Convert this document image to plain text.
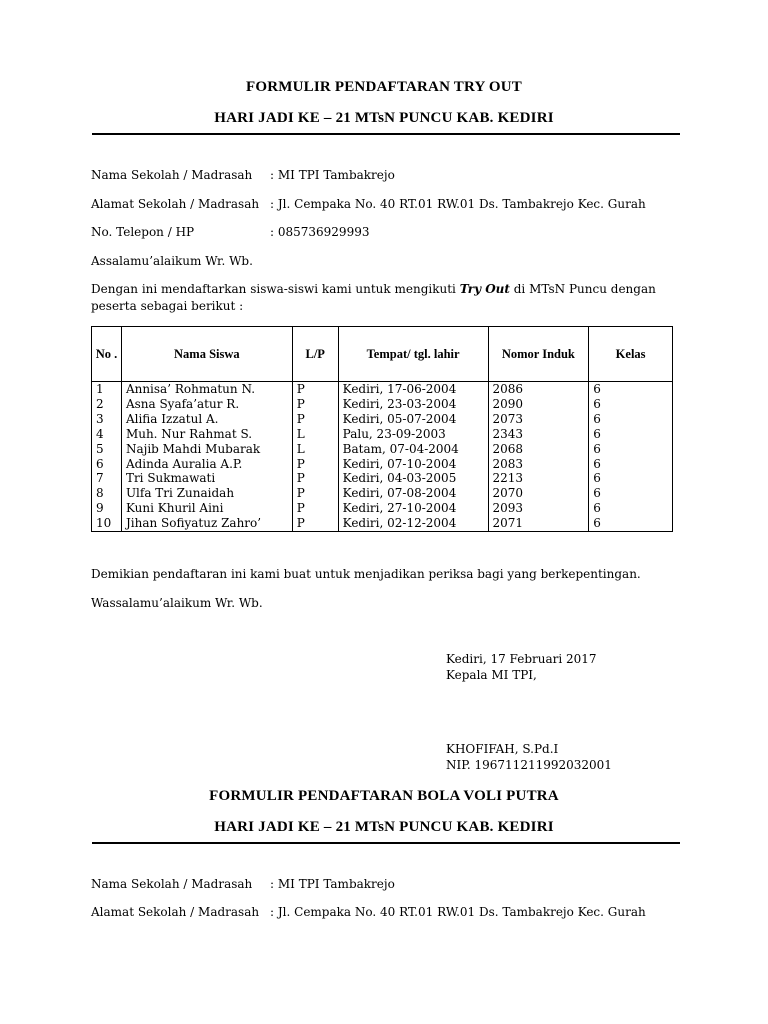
FORMULIR PENDAFTARAN TRY OUT
HARI JADI KE – 21 MTsN PUNCU KAB. KEDIRI
Nama Sekolah / Madrasah : MI TPI Tambakrejo
Alamat Sekolah / Madrasah : Jl. Cempaka No. 40 RT.01 RW.01 Ds. Tambakrejo Kec. Gurah
No. Telepon / HP	: 085736929993
Assalamu’alaikum Wr. Wb.
Dengan ini mendaftarkan siswa-siswi kami untuk mengikuti Try Out di MTsN Puncu dengan peserta sebagai berikut :
No .	Nama Siswa	L/P	Tempat/ tgl. lahir	Nomor Induk	Kelas
1	Annisa’ Rohmatun N.	P	Kediri, 17-06-2004	2086	6
2	Asna Syafa’atur R.	P	Kediri, 23-03-2004	2090	6
3	Alifia Izzatul A.	P	Kediri, 05-07-2004	2073	6
4	Muh. Nur Rahmat S.	L	Palu, 23-09-2003	2343	6
5	Najib Mahdi Mubarak	L	Batam, 07-04-2004	2068	6
6	Adinda Auralia A.P.	P	Kediri, 07-10-2004	2083	6
7	Tri Sukmawati	P	Kediri, 04-03-2005	2213	6
8	Ulfa Tri Zunaidah	P	Kediri, 07-08-2004	2070	6
9	Kuni Khuril Aini	P	Kediri, 27-10-2004	2093	6
10	Jihan Sofiyatuz Zahro’	P	Kediri, 02-12-2004	2071	6
Demikian pendaftaran ini kami buat untuk menjadikan periksa bagi yang berkepentingan.
Wassalamu’alaikum Wr. Wb.
Kediri, 17 Februari 2017
Kepala MI TPI,
KHOFIFAH, S.Pd.I
NIP. 196711211992032001
FORMULIR PENDAFTARAN BOLA VOLI PUTRA
HARI JADI KE – 21 MTsN PUNCU KAB. KEDIRI
Nama Sekolah / Madrasah : MI TPI Tambakrejo
Alamat Sekolah / Madrasah : Jl. Cempaka No. 40 RT.01 RW.01 Ds. Tambakrejo Kec. Gurah
